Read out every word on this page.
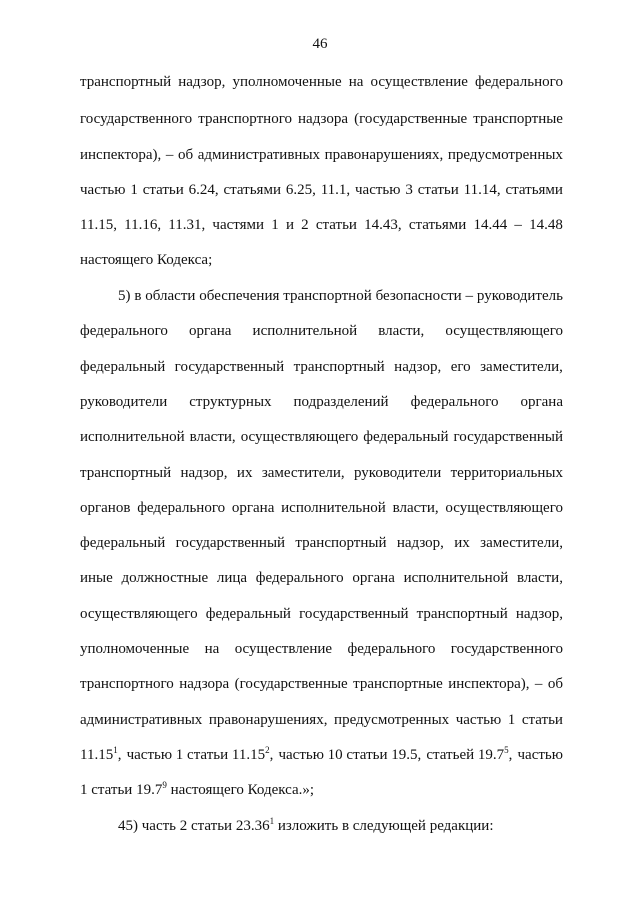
46
транспортный надзор, уполномоченные на осуществление федерального
государственного транспортного надзора (государственные транспортные
инспектора), – об административных правонарушениях, предусмотренных
частью 1 статьи 6.24, статьями 6.25, 11.1, частью 3 статьи 11.14, статьями
11.15, 11.16, 11.31, частями 1 и 2 статьи 14.43, статьями 14.44 – 14.48
настоящего Кодекса;
5) в области обеспечения транспортной безопасности – руководитель
федерального органа исполнительной власти, осуществляющего
федеральный государственный транспортный надзор, его заместители,
руководители структурных подразделений федерального органа
исполнительной власти, осуществляющего федеральный государственный
транспортный надзор, их заместители, руководители территориальных
органов федерального органа исполнительной власти, осуществляющего
федеральный государственный транспортный надзор, их заместители,
иные должностные лица федерального органа исполнительной власти,
осуществляющего федеральный государственный транспортный надзор,
уполномоченные на осуществление федерального государственного
транспортного надзора (государственные транспортные инспектора), – об
административных правонарушениях, предусмотренных частью 1 статьи
11.15$^1$, частью 1 статьи 11.15$^2$, частью 10 статьи 19.5, статьей 19.7$^5$, частью
1 статьи 19.7$^9$ настоящего Кодекса.»;
45) часть 2 статьи 23.36$^1$ изложить в следующей редакции:
